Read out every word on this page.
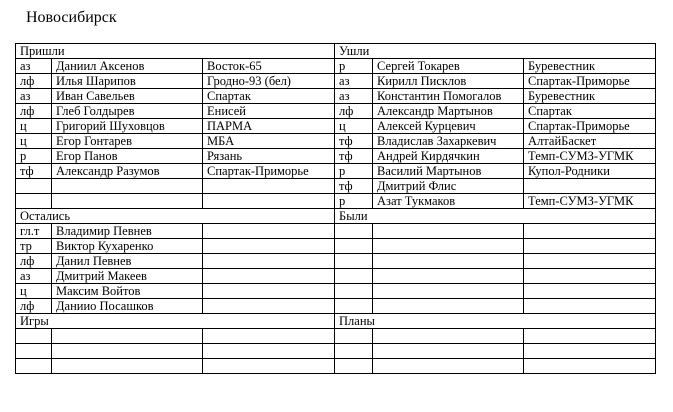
Новосибирск
Пришли			Ушли		
аз	Даниил Аксенов	Восток-65	р	Сергей Токарев	Буревестник
лф	Илья Шарипов	Гродно-93 (бел)	аз	Кирилл Писклов	Спартак-Приморье
аз	Иван Савельев	Спартак	аз	Константин Помогалов	Буревестник
лф	Глеб Голдырев	Енисей	лф	Александр Мартынов	Спартак
ц	Григорий Шуховцов	ПАРМА	ц	Алексей Курцевич	Спартак-Приморье
ц	Егор Гонтарев	МБА	тф	Владислав Захаркевич	АлтайБаскет
р	Егор Панов	Рязань	тф	Андрей Кирдячкин	Темп-СУМЗ-УГМК
тф	Александр Разумов	Спартак-Приморье	р	Василий Мартынов	Купол-Родники
			тф	Дмитрий Флис	
			р	Азат Тукмаков	Темп-СУМЗ-УГМК
Остались			Были		
гл.т	Владимир Певнев				
тр	Виктор Кухаренко				
лф	Данил Певнев				
аз	Дмитрий Макеев				
ц	Максим Войтов				
лф	Даниио Посашков				
Игры			Планы		
